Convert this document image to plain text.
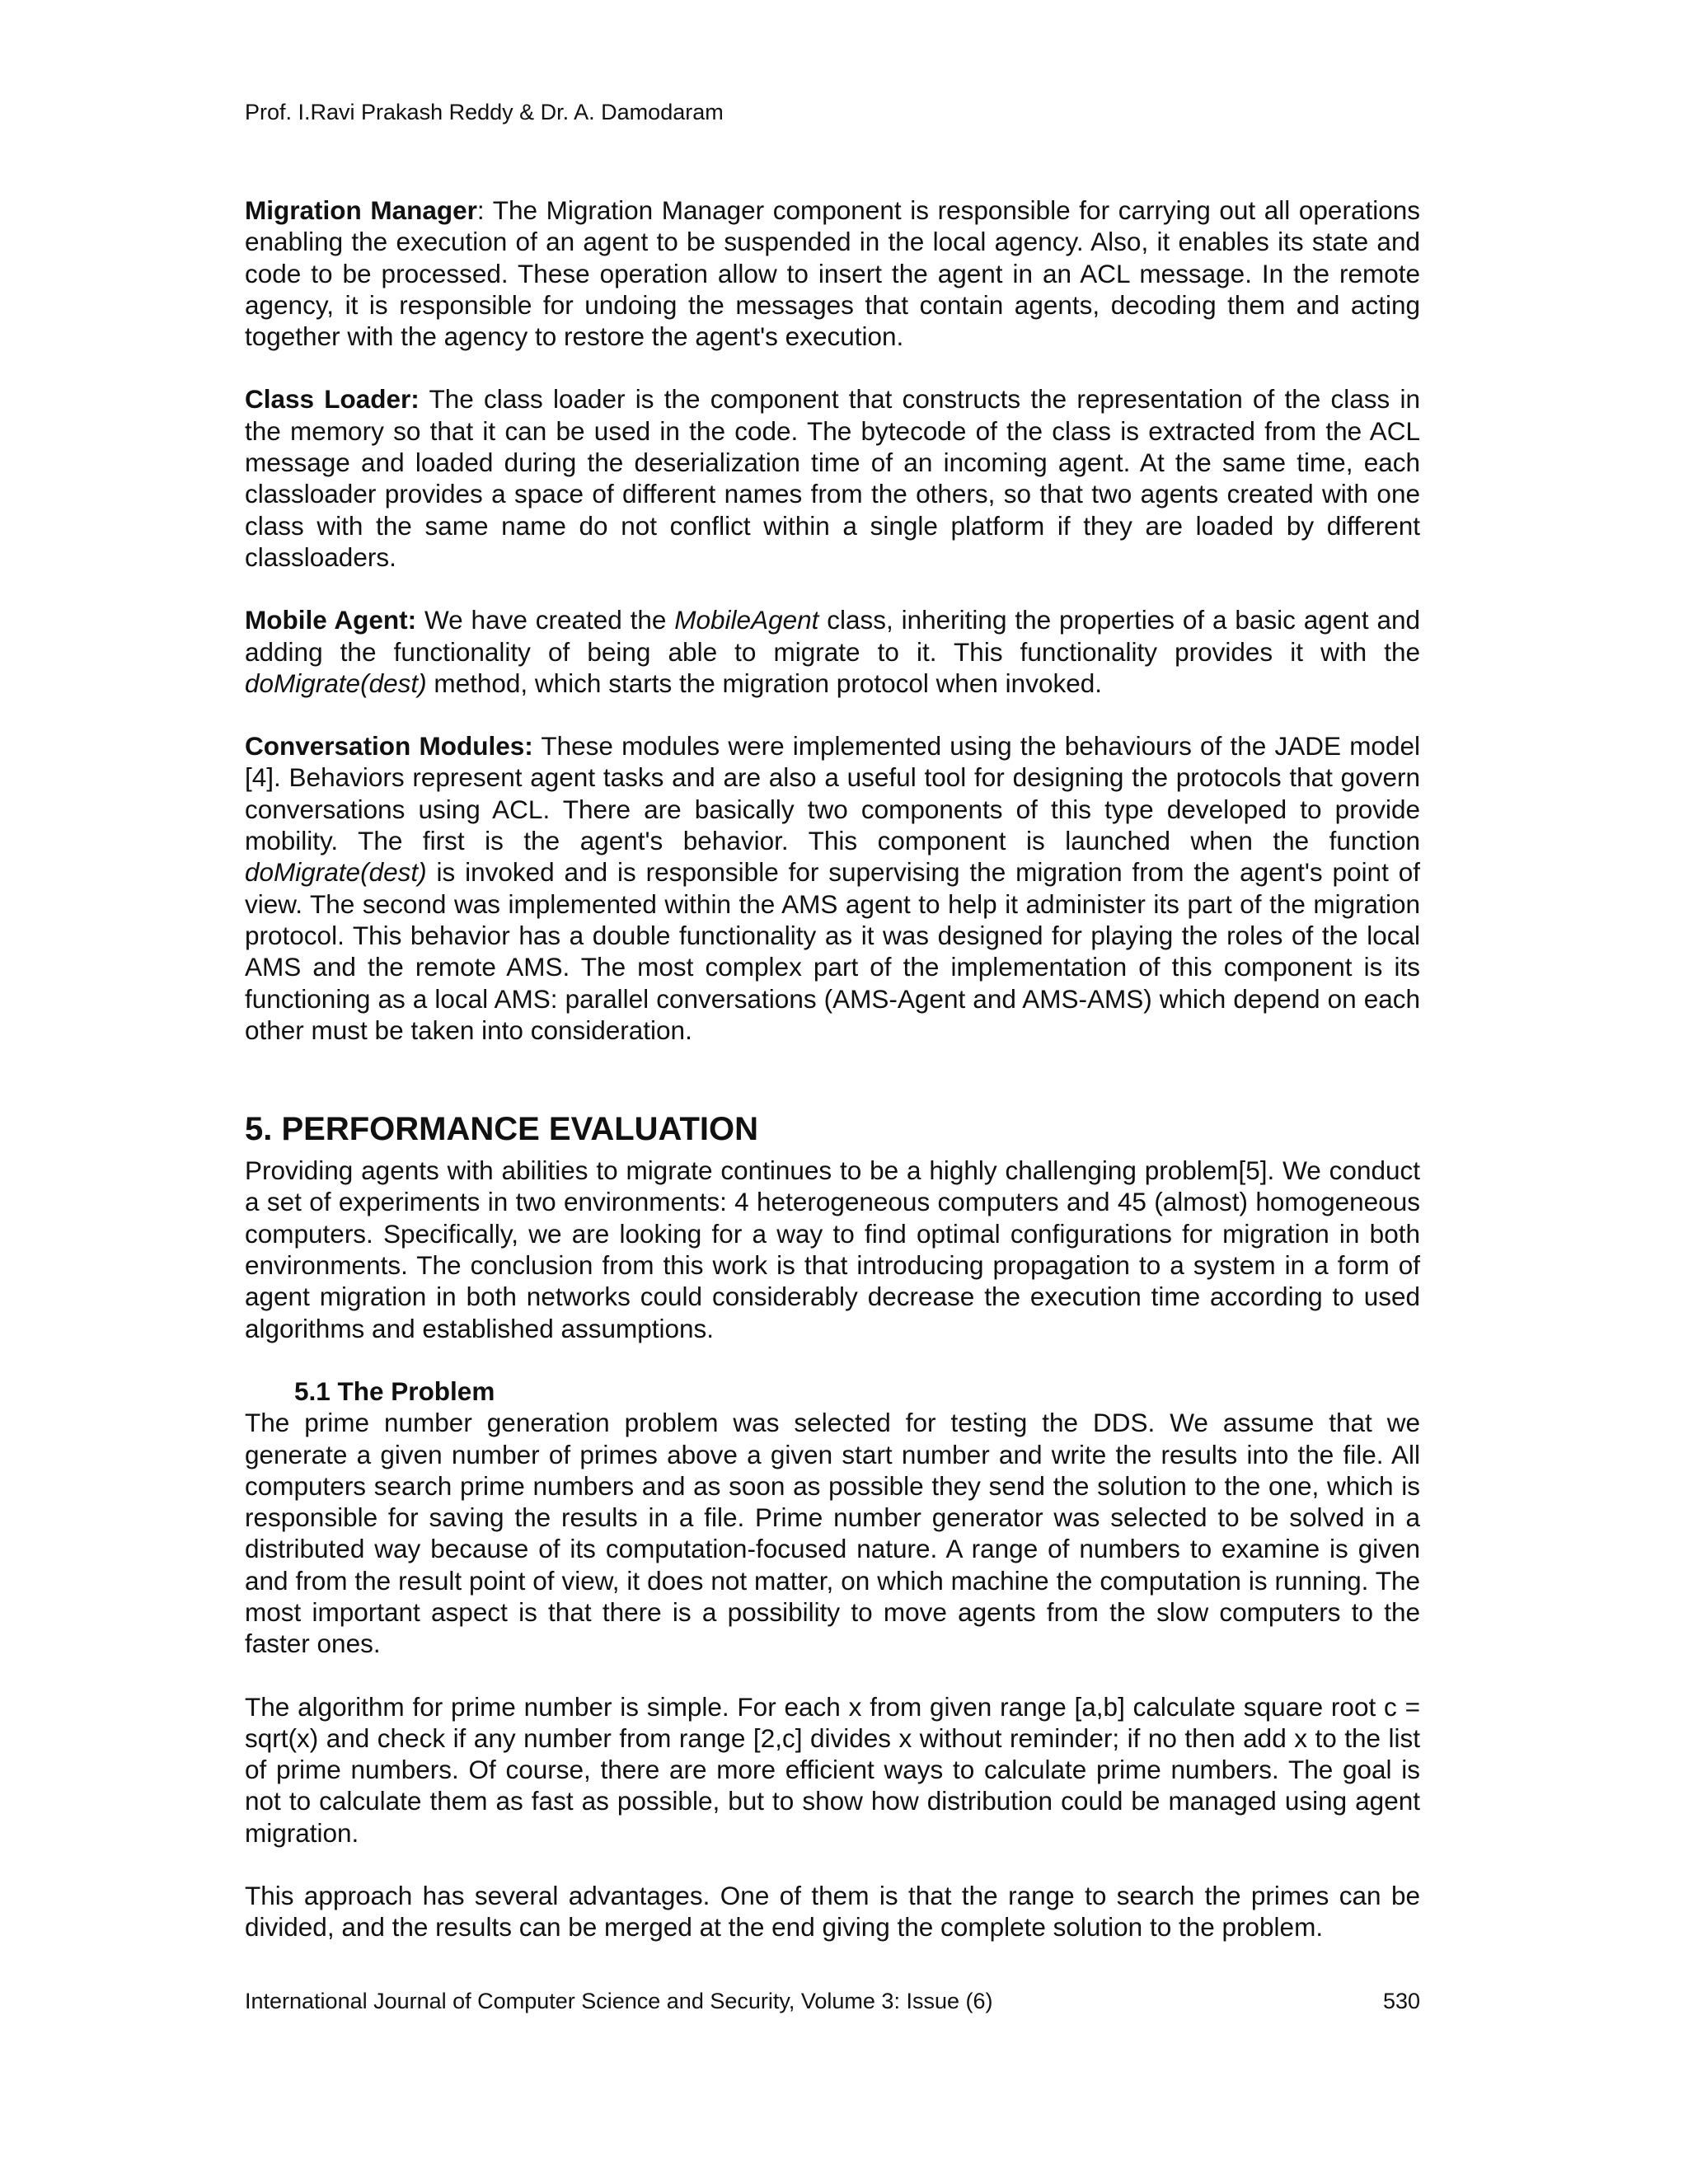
Prof. I.Ravi Prakash Reddy & Dr. A. Damodaram

Migration Manager: The Migration Manager component is responsible for carrying out all operations enabling the execution of an agent to be suspended in the local agency. Also, it enables its state and code to be processed. These operation allow to insert the agent in an ACL message. In the remote agency, it is responsible for undoing the messages that contain agents, decoding them and acting together with the agency to restore the agent's execution.

Class Loader: The class loader is the component that constructs the representation of the class in the memory so that it can be used in the code. The bytecode of the class is extracted from the ACL message and loaded during the deserialization time of an incoming agent. At the same time, each classloader provides a space of different names from the others, so that two agents created with one class with the same name do not conflict within a single platform if they are loaded by different classloaders.

Mobile Agent: We have created the MobileAgent class, inheriting the properties of a basic agent and adding the functionality of being able to migrate to it. This functionality provides it with the doMigrate(dest) method, which starts the migration protocol when invoked.

Conversation Modules: These modules were implemented using the behaviours of the JADE model [4]. Behaviors represent agent tasks and are also a useful tool for designing the protocols that govern conversations using ACL. There are basically two components of this type developed to provide mobility. The first is the agent's behavior. This component is launched when the function doMigrate(dest) is invoked and is responsible for supervising the migration from the agent's point of view. The second was implemented within the AMS agent to help it administer its part of the migration protocol. This behavior has a double functionality as it was designed for playing the roles of the local AMS and the remote AMS. The most complex part of the implementation of this component is its functioning as a local AMS: parallel conversations (AMS-Agent and AMS-AMS) which depend on each other must be taken into consideration.

5. PERFORMANCE EVALUATION

Providing agents with abilities to migrate continues to be a highly challenging problem[5]. We conduct a set of experiments in two environments: 4 heterogeneous computers and 45 (almost) homogeneous computers. Specifically, we are looking for a way to find optimal configurations for migration in both environments. The conclusion from this work is that introducing propagation to a system in a form of agent migration in both networks could considerably decrease the execution time according to used algorithms and established assumptions.

5.1 The Problem

The prime number generation problem was selected for testing the DDS. We assume that we generate a given number of primes above a given start number and write the results into the file. All computers search prime numbers and as soon as possible they send the solution to the one, which is responsible for saving the results in a file. Prime number generator was selected to be solved in a distributed way because of its computation-focused nature. A range of numbers to examine is given and from the result point of view, it does not matter, on which machine the computation is running. The most important aspect is that there is a possibility to move agents from the slow computers to the faster ones.

The algorithm for prime number is simple. For each x from given range [a,b] calculate square root c = sqrt(x) and check if any number from range [2,c] divides x without reminder; if no then add x to the list of prime numbers. Of course, there are more efficient ways to calculate prime numbers. The goal is not to calculate them as fast as possible, but to show how distribution could be managed using agent migration.

This approach has several advantages. One of them is that the range to search the primes can be divided, and the results can be merged at the end giving the complete solution to the problem.

International Journal of Computer Science and Security, Volume 3: Issue (6)	530
